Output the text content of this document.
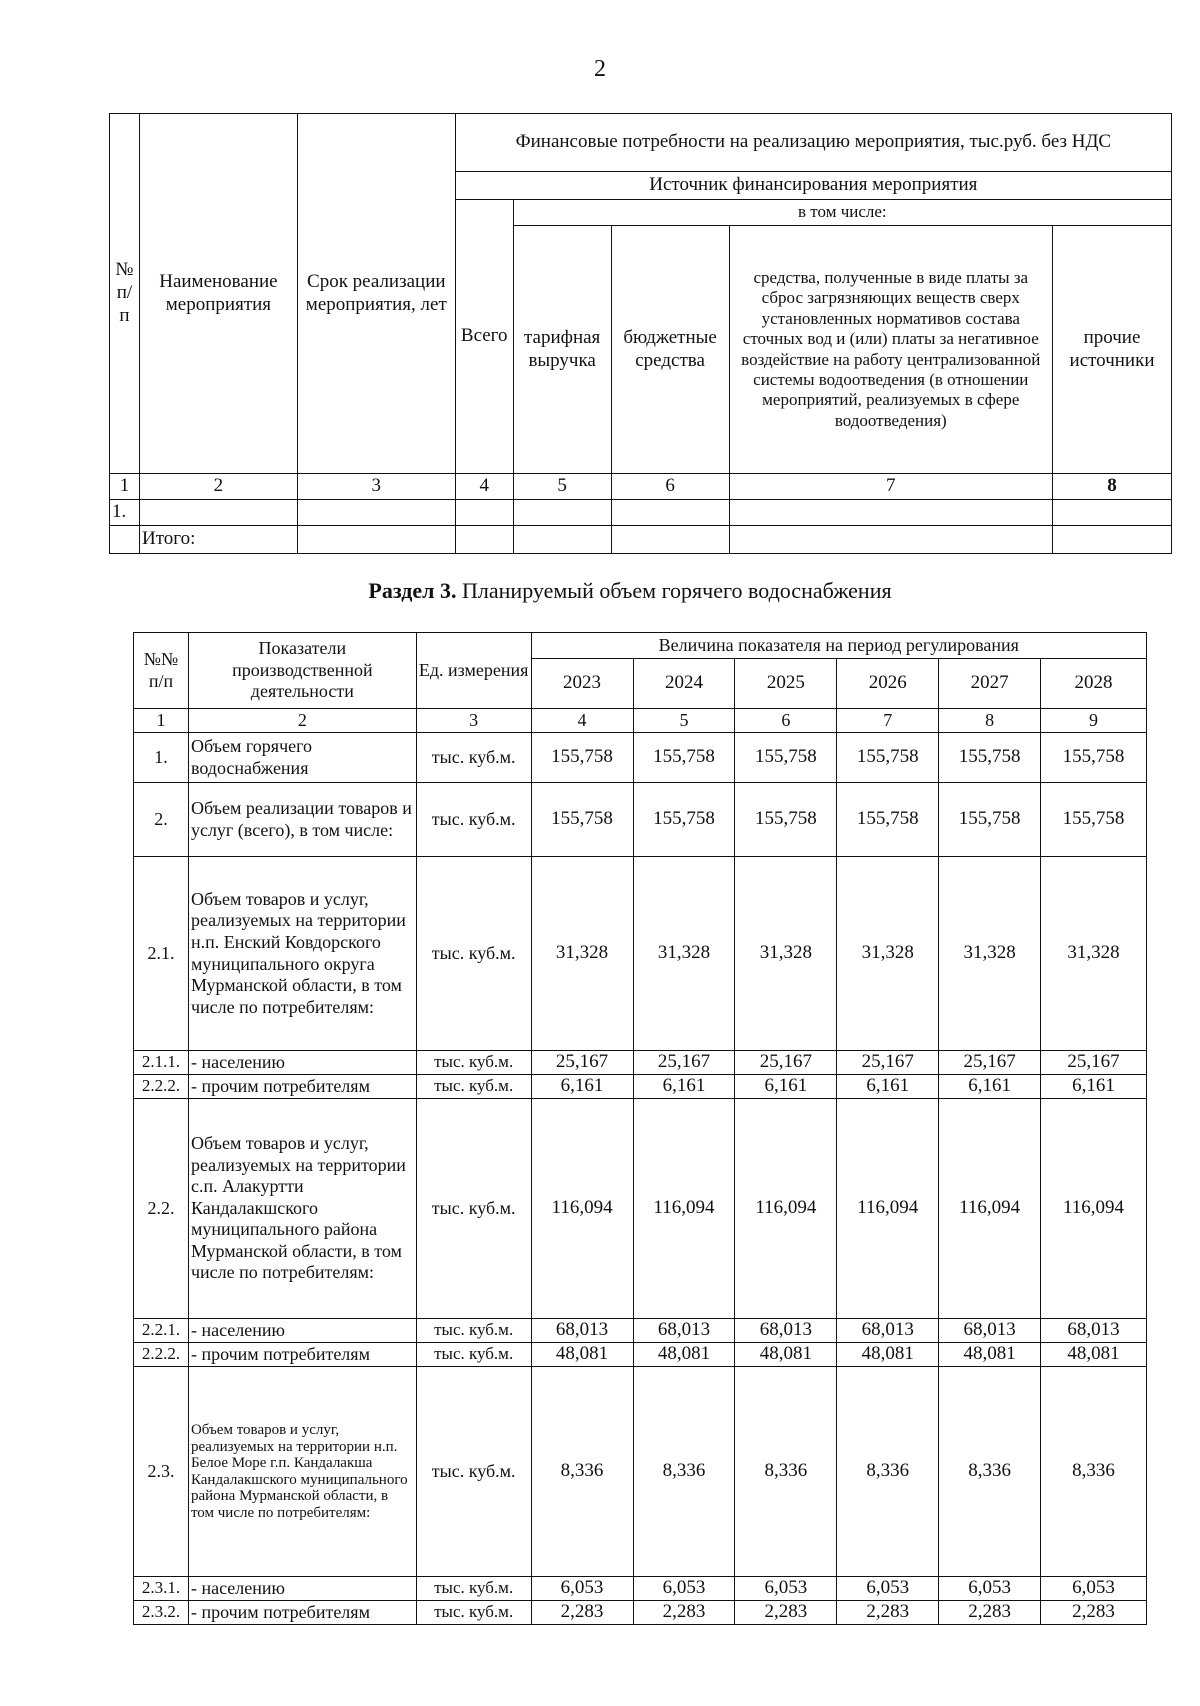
2
№ п/п	Наименование мероприятия	Срок реализации мероприятия, лет	Финансовые потребности на реализацию мероприятия, тыс.руб. без НДС				
			Источник финансирования мероприятия				
			Всего	в том числе:			
				тарифная выручка	бюджетные средства	средства, полученные в виде платы за сброс загрязняющих веществ сверх установленных нормативов состава сточных вод и (или) платы за негативное воздействие на работу централизованной системы водоотведения (в отношении мероприятий, реализуемых в сфере водоотведения)	прочие источники
1	2	3	4	5	6	7	8
1.							
	Итого:						
Раздел 3. Планируемый объем горячего водоснабжения
№№ п/п	Показатели производственной деятельности	Ед. измерения	Величина показателя на период регулирования					
			2023	2024	2025	2026	2027	2028
1	2	3	4	5	6	7	8	9
1.	Объем горячего водоснабжения	тыс. куб.м.	155,758	155,758	155,758	155,758	155,758	155,758
2.	Объем реализации товаров и услуг (всего), в том числе:	тыс. куб.м.	155,758	155,758	155,758	155,758	155,758	155,758
2.1.	Объем товаров и услуг, реализуемых на территории н.п. Енский Ковдорского муниципального округа Мурманской области, в том числе по потребителям:	тыс. куб.м.	31,328	31,328	31,328	31,328	31,328	31,328
2.1.1.	- населению	тыс. куб.м.	25,167	25,167	25,167	25,167	25,167	25,167
2.2.2.	- прочим потребителям	тыс. куб.м.	6,161	6,161	6,161	6,161	6,161	6,161
2.2.	Объем товаров и услуг, реализуемых на территории с.п. Алакуртти Кандалакшского муниципального района Мурманской области, в том числе по потребителям:	тыс. куб.м.	116,094	116,094	116,094	116,094	116,094	116,094
2.2.1.	- населению	тыс. куб.м.	68,013	68,013	68,013	68,013	68,013	68,013
2.2.2.	- прочим потребителям	тыс. куб.м.	48,081	48,081	48,081	48,081	48,081	48,081
2.3.	Объем товаров и услуг, реализуемых на территории н.п. Белое Море г.п. Кандалакша Кандалакшского муниципального района Мурманской области, в том числе по потребителям:	тыс. куб.м.	8,336	8,336	8,336	8,336	8,336	8,336
2.3.1.	- населению	тыс. куб.м.	6,053	6,053	6,053	6,053	6,053	6,053
2.3.2.	- прочим потребителям	тыс. куб.м.	2,283	2,283	2,283	2,283	2,283	2,283
